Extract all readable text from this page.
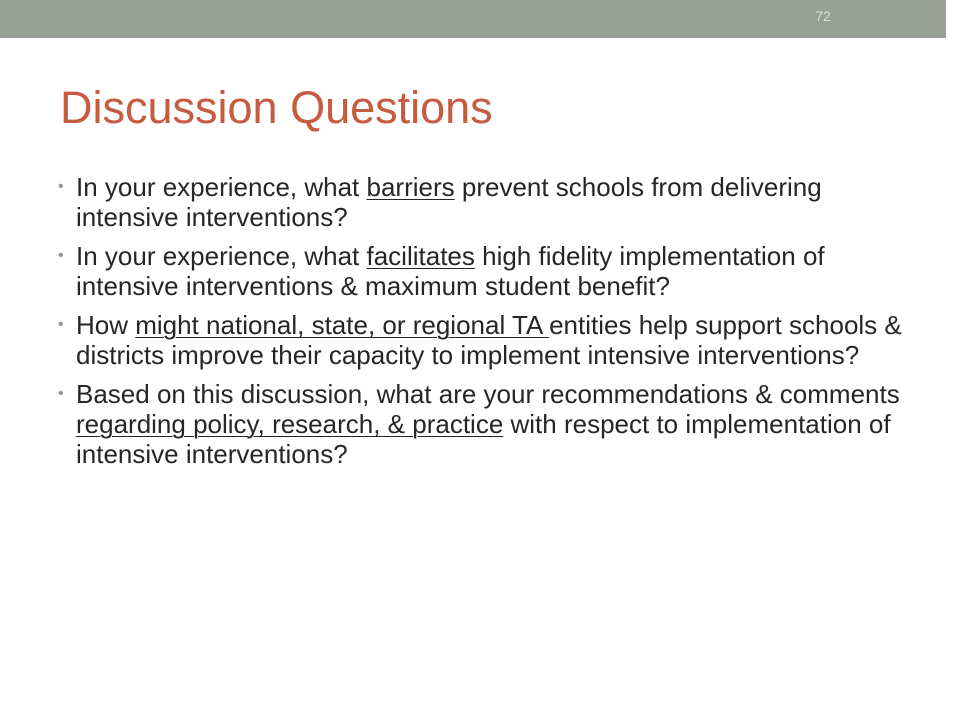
72
Discussion Questions
• In your experience, what barriers prevent schools from delivering intensive interventions?
• In your experience, what facilitates high fidelity implementation of intensive interventions & maximum student benefit?
• How might national, state, or regional TA entities help support schools & districts improve their capacity to implement intensive interventions?
• Based on this discussion, what are your recommendations & comments regarding policy, research, & practice with respect to implementation of intensive interventions?
